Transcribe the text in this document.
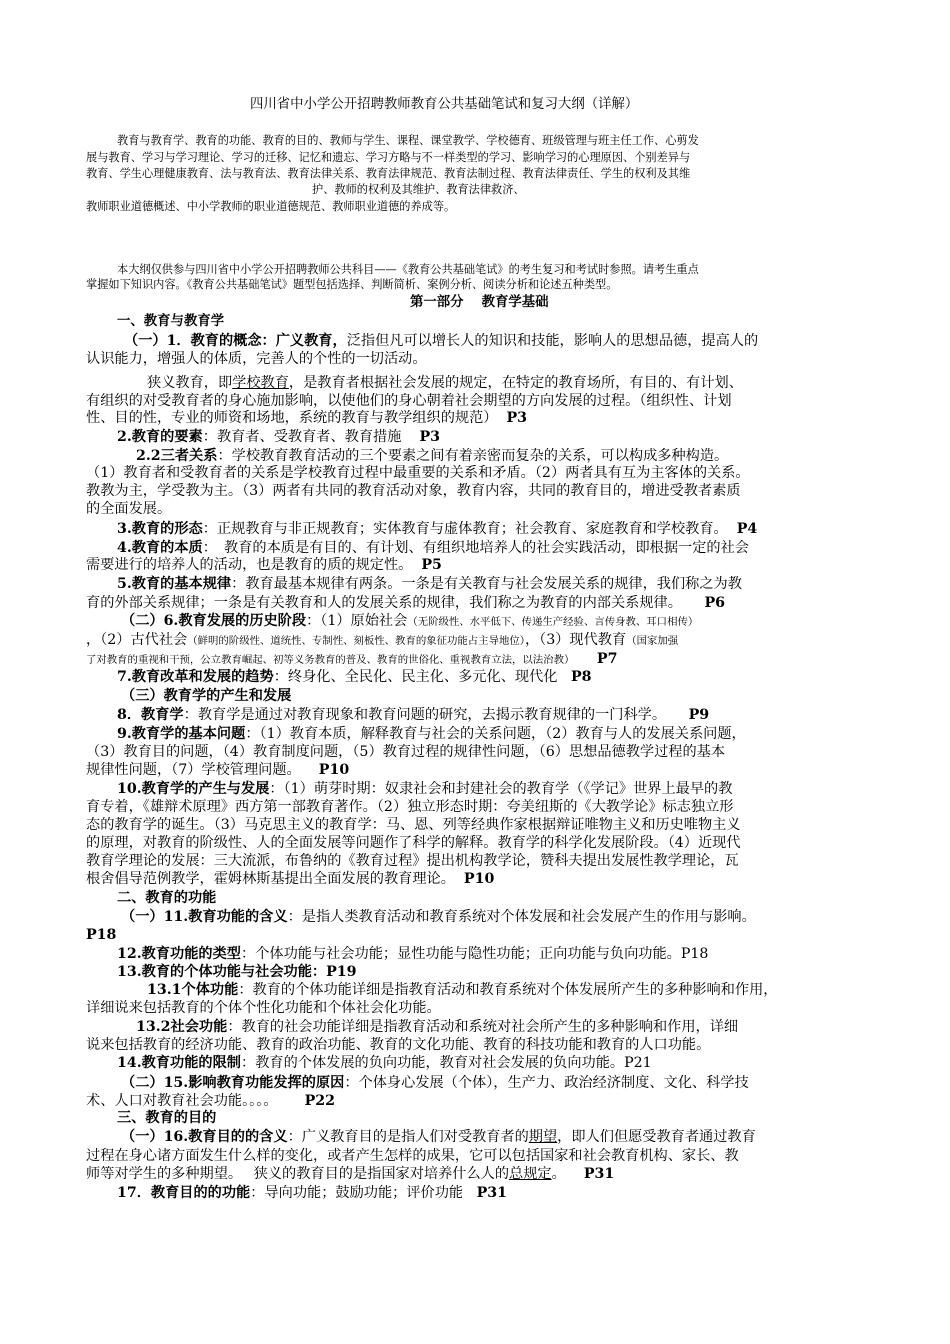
四川省中小学公开招聘教师教育公共基础笔试和复习大纲（详解）
教育与教育学、教育的功能、教育的目的、教师与学生、课程、课堂教学、学校德育、班级管理与班主任工作、心剪发
展与教育、学习与学习理论、学习的迁移、记忆和遗忘、学习方略与不一样类型的学习、影响学习的心理原因、个别差异与
教育、学生心理健康教育、法与教育法、教育法律关系、教育法律规范、教育法制过程、教育法律责任、学生的权利及其维
护、教师的权利及其维护、教育法律救济、
教师职业道德概述、中小学教师的职业道德规范、教师职业道德的养成等。
本大纲仅供参与四川省中小学公开招聘教师公共科目——《教育公共基础笔试》的考生复习和考试时参照。请考生重点
掌握如下知识内容。《教育公共基础笔试》题型包括选择、判断简析、案例分析、阅读分析和论述五种类型。
第一部分　 教育学基础
一、教育与教育学
（一）1．教育的概念：广义教育，泛指但凡可以增长人的知识和技能，影响人的思想品德，提高人的
认识能力，增强人的体质，完善人的个性的一切活动。
狭义教育，即学校教育，是教育者根据社会发展的规定，在特定的教育场所，有目的、有计划、
有组织的对受教育者的身心施加影响，以使他们的身心朝着社会期望的方向发展的过程。（组织性、计划
性、目的性，专业的师资和场地，系统的教育与教学组织的规范） P3
2.教育的要素：教育者、受教育者、教育措施 P3
2.2三者关系：学校教育教育活动的三个要素之间有着亲密而复杂的关系，可以构成多种构造。
（1）教育者和受教育者的关系是学校教育过程中最重要的关系和矛盾。（2）两者具有互为主客体的关系。
教教为主，学受教为主。（3）两者有共同的教育活动对象，教育内容，共同的教育目的，增进受教者素质
的全面发展。
3.教育的形态：正规教育与非正规教育；实体教育与虚体教育；社会教育、家庭教育和学校教育。 P4
4.教育的本质：　教育的本质是有目的、有计划、有组织地培养人的社会实践活动，即根据一定的社会
需要进行的培养人的活动，也是教育的质的规定性。 P5
5.教育的基本规律：教育最基本规律有两条。一条是有关教育与社会发展关系的规律，我们称之为教
育的外部关系规律；一条是有关教育和人的发展关系的规律，我们称之为教育的内部关系规律。 P6
（二）6.教育发展的历史阶段：（1）原始社会（无阶级性、水平低下、传递生产经验、言传身教、耳口相传）
，（2）古代社会（鲜明的阶级性、道统性、专制性、刻板性、教育的象征功能占主导地位），（3）现代教育（国家加强
了对教育的重视和干预，公立教育崛起、初等义务教育的普及、教育的世俗化、重视教育立法，以法治教） P7
7.教育改革和发展的趋势：终身化、全民化、民主化、多元化、现代化 P8
（三）教育学的产生和发展
8．教育学：教育学是通过对教育现象和教育问题的研究，去揭示教育规律的一门科学。 P9
9.教育学的基本问题：（1）教育本质，解释教育与社会的关系问题，（2）教育与人的发展关系问题，
（3）教育目的问题，（4）教育制度问题，（5）教育过程的规律性问题，（6）思想品德教学过程的基本
规律性问题，（7）学校管理问题。 P10
10.教育学的产生与发展：（1）萌芽时期：奴隶社会和封建社会的教育学（《学记》世界上最早的教
育专着，《雄辩术原理》西方第一部教育著作。（2）独立形态时期：夸美纽斯的《大教学论》标志独立形
态的教育学的诞生。（3）马克思主义的教育学：马、恩、列等经典作家根据辩证唯物主义和历史唯物主义
的原理，对教育的阶级性、人的全面发展等问题作了科学的解释。教育学的科学化发展阶段。（4）近现代
教育学理论的发展：三大流派，布鲁纳的《教育过程》提出机构教学论，赞科夫提出发展性教学理论，瓦
根舍倡导范例教学，霍姆林斯基提出全面发展的教育理论。 P10
二、教育的功能
（一）11.教育功能的含义：是指人类教育活动和教育系统对个体发展和社会发展产生的作用与影响。
P18
12.教育功能的类型：个体功能与社会功能；显性功能与隐性功能；正向功能与负向功能。P18
13.教育的个体功能与社会功能：P19
13.1个体功能：教育的个体功能详细是指教育活动和教育系统对个体发展所产生的多种影响和作用，
详细说来包括教育的个体个性化功能和个体社会化功能。
13.2社会功能：教育的社会功能详细是指教育活动和系统对社会所产生的多种影响和作用，详细
说来包括教育的经济功能、教育的政治功能、教育的文化功能、教育的科技功能和教育的人口功能。
14.教育功能的限制：教育的个体发展的负向功能，教育对社会发展的负向功能。P21
（二）15.影响教育功能发挥的原因：个体身心发展（个体），生产力、政治经济制度、文化、科学技
术、人口对教育社会功能。。。。 P22
三、教育的目的
（一）16.教育目的的含义：广义教育目的是指人们对受教育者的期望，即人们但愿受教育者通过教育
过程在身心诸方面发生什么样的变化，或者产生怎样的成果，它可以包括国家和社会教育机构、家长、教
师等对学生的多种期望。　 狭义的教育目的是指国家对培养什么人的总规定。 P31
17．教育目的的功能：导向功能；鼓励功能；评价功能 P31
